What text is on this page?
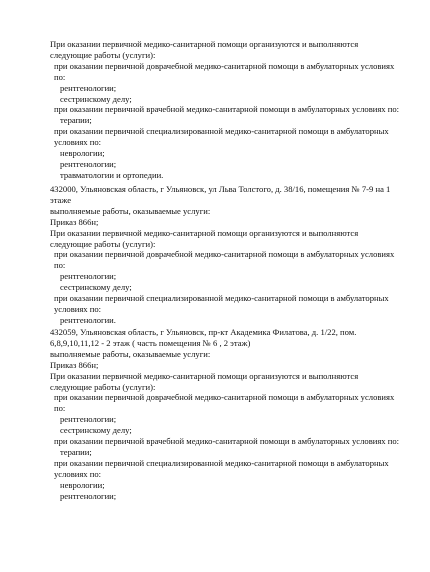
При оказании первичной медико-санитарной помощи организуются и выполняются следующие работы (услуги):

при оказании первичной доврачебной медико-санитарной помощи в амбулаторных условиях по:

рентгенологии;

сестринскому делу;

при оказании первичной врачебной медико-санитарной помощи в амбулаторных условиях по:

терапии;

при оказании первичной специализированной медико-санитарной помощи в амбулаторных условиях по:

неврологии;

рентгенологии;

травматологии и ортопедии.

432000, Ульяновская область, г Ульяновск, ул Льва Толстого, д. 38/16, помещения № 7-9 на 1 этаже

выполняемые работы, оказываемые услуги:

Приказ 866н;

При оказании первичной медико-санитарной помощи организуются и выполняются следующие работы (услуги):

при оказании первичной доврачебной медико-санитарной помощи в амбулаторных условиях по:

рентгенологии;

сестринскому делу;

при оказании первичной специализированной медико-санитарной помощи в амбулаторных условиях по:

рентгенологии.

432059, Ульяновская область, г Ульяновск, пр-кт Академика Филатова, д. 1/22, пом. 6,8,9,10,11,12 - 2 этаж ( часть помещения № 6 , 2 этаж)

выполняемые работы, оказываемые услуги:

Приказ 866н;

При оказании первичной медико-санитарной помощи организуются и выполняются следующие работы (услуги):

при оказании первичной доврачебной медико-санитарной помощи в амбулаторных условиях по:

рентгенологии;

сестринскому делу;

при оказании первичной врачебной медико-санитарной помощи в амбулаторных условиях по:

терапии;

при оказании первичной специализированной медико-санитарной помощи в амбулаторных условиях по:

неврологии;

рентгенологии;
